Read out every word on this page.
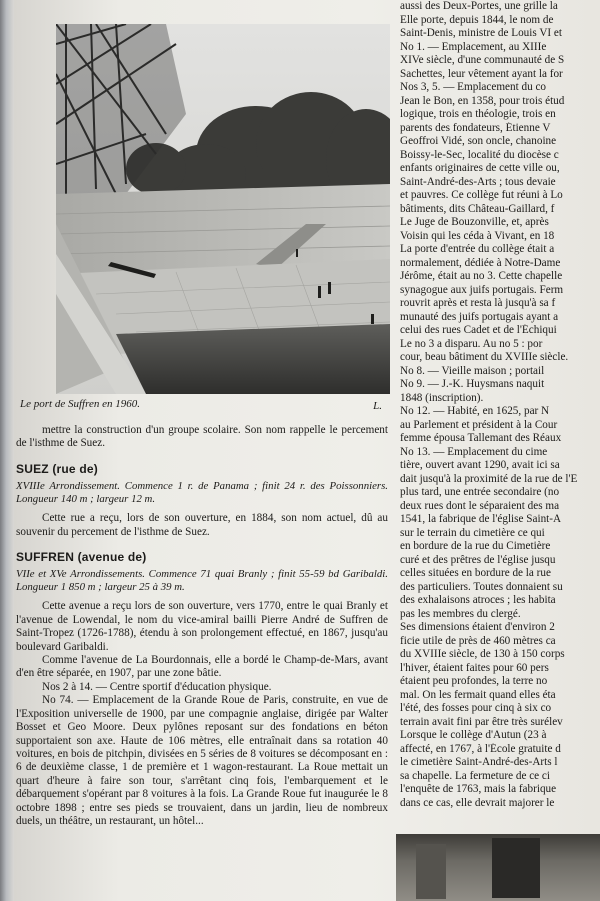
Le port de Suffren en 1960.	L.

mettre la construction d'un groupe scolaire. Son nom rappelle le percement de l'isthme de Suez.

SUEZ (rue de)

XVIIIe Arrondissement. Commence 1 r. de Panama ; finit 24 r. des Poissonniers. Longueur 140 m ; largeur 12 m.

Cette rue a reçu, lors de son ouverture, en 1884, son nom actuel, dû au souvenir du percement de l'isthme de Suez.

SUFFREN (avenue de)

VIIe et XVe Arrondissements. Commence 71 quai Branly ; finit 55-59 bd Garibaldi. Longueur 1 850 m ; largeur 25 à 39 m.

Cette avenue a reçu lors de son ouverture, vers 1770, entre le quai Branly et l'avenue de Lowendal, le nom du vice-amiral bailli Pierre André de Suffren de Saint-Tropez (1726-1788), étendu à son prolongement effectué, en 1867, jusqu'au boulevard Garibaldi.

Comme l'avenue de La Bourdonnais, elle a bordé le Champ-de-Mars, avant d'en être séparée, en 1907, par une zone bâtie.

Nos 2 à 14. — Centre sportif d'éducation physique.

No 74. — Emplacement de la Grande Roue de Paris, construite, en vue de l'Exposition universelle de 1900, par une compagnie anglaise, dirigée par Walter Bosset et Geo Moore. Deux pylônes reposant sur des fondations en béton supportaient son axe. Haute de 106 mètres, elle entraînait dans sa rotation 40 voitures, en bois de pitchpin, divisées en 5 séries de 8 voitures se décomposant en : 6 de deuxième classe, 1 de première et 1 wagon-restaurant. La Roue mettait un quart d'heure à faire son tour, s'arrêtant cinq fois, l'embarquement et le débarquement s'opérant par 8 voitures à la fois. La Grande Roue fut inaugurée le 8 octobre 1898 ; entre ses pieds se trouvaient, dans un jardin, lieu de nombreux duels, un théâtre, un restaurant, un hôtel...

aussi des Deux-Portes, une grille la
Elle porte, depuis 1844, le nom de
Saint-Denis, ministre de Louis VI et
No 1. — Emplacement, au XIIIe
XIVe siècle, d'une communauté de S
Sachettes, leur vêtement ayant la for
Nos 3, 5. — Emplacement du co
Jean le Bon, en 1358, pour trois étud
logique, trois en théologie, trois en
parents des fondateurs, Étienne V
Geoffroi Vidé, son oncle, chanoine
Boissy-le-Sec, localité du diocèse c
enfants originaires de cette ville ou,
Saint-André-des-Arts ; tous devaie
et pauvres. Ce collège fut réuni à Lo
bâtiments, dits Château-Gaillard, f
Le Juge de Bouzonville, et, après
Voisin qui les céda à Vivant, en 18
La porte d'entrée du collège était a
normalement, dédiée à Notre-Dame
Jérôme, était au no 3. Cette chapelle
synagogue aux juifs portugais. Ferm
rouvrit après et resta là jusqu'à sa f
munauté des juifs portugais ayant a
celui des rues Cadet et de l'Échiqui
Le no 3 a disparu. Au no 5 : por
cour, beau bâtiment du XVIIIe siècle.
No 8. — Vieille maison ; portail
No 9. — J.-K. Huysmans naquit
1848 (inscription).
No 12. — Habité, en 1625, par N
au Parlement et président à la Cour
femme épousa Tallemant des Réaux
No 13. — Emplacement du cime
tière, ouvert avant 1290, avait ici sa
dait jusqu'à la proximité de la rue de l'E
plus tard, une entrée secondaire (no
deux rues dont le séparaient des ma
1541, la fabrique de l'église Saint-A
sur le terrain du cimetière ce qui
en bordure de la rue du Cimetière
curé et des prêtres de l'église jusqu
celles situées en bordure de la rue
des particuliers. Toutes donnaient su
des exhalaisons atroces ; les habita
pas les membres du clergé.
Ses dimensions étaient d'environ 2
ficie utile de près de 460 mètres ca
du XVIIIe siècle, de 130 à 150 corps
l'hiver, étaient faites pour 60 pers
étaient peu profondes, la terre no
mal. On les fermait quand elles éta
l'été, des fosses pour cinq à six co
terrain avait fini par être très surélev
Lorsque le collège d'Autun (23 à
affecté, en 1767, à l'École gratuite d
le cimetière Saint-André-des-Arts l
sa chapelle. La fermeture de ce ci
l'enquête de 1763, mais la fabrique
dans ce cas, elle devrait majorer le
